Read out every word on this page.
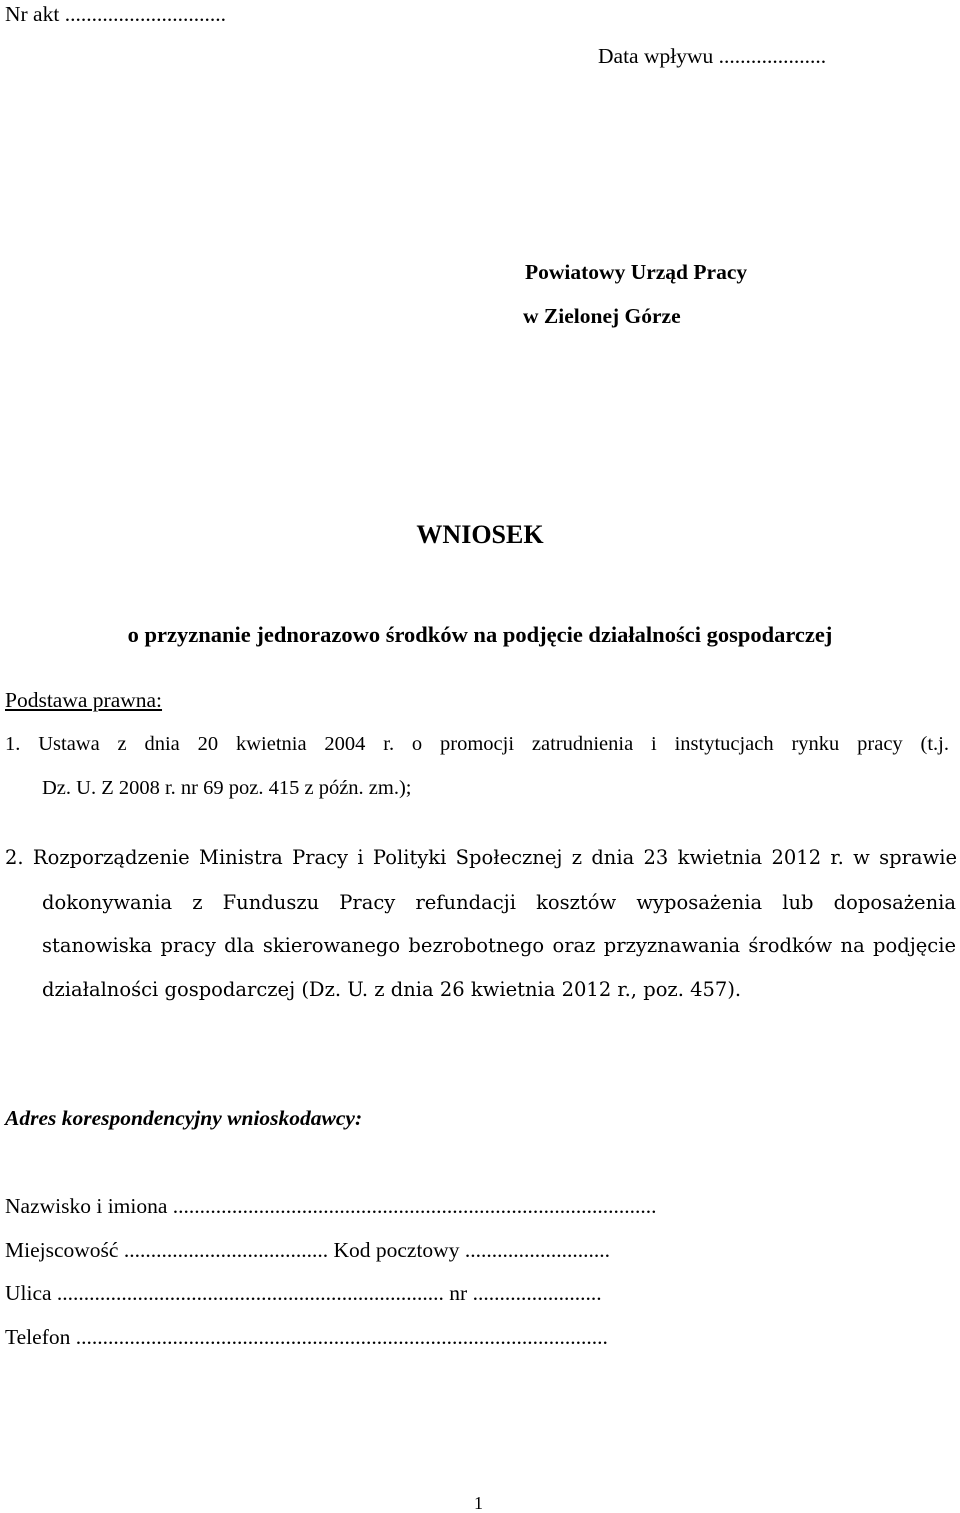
Nr akt ..............................
Data wpływu ....................
Powiatowy Urząd Pracy
w Zielonej Górze
WNIOSEK
o przyznanie jednorazowo środków na podjęcie działalności gospodarczej
Podstawa prawna:
1. Ustawa z dnia 20 kwietnia 2004 r. o promocji zatrudnienia i instytucjach rynku pracy (t.j.
Dz. U. Z 2008 r. nr 69 poz. 415 z późn. zm.);
2. Rozporządzenie Ministra Pracy i Polityki Społecznej z dnia 23 kwietnia 2012 r. w sprawie
dokonywania z Funduszu Pracy refundacji kosztów wyposażenia lub doposażenia
stanowiska pracy dla skierowanego bezrobotnego oraz przyznawania środków na podjęcie
działalności gospodarczej (Dz. U. z dnia 26 kwietnia 2012 r., poz. 457).
Adres korespondencyjny wnioskodawcy:
Nazwisko i imiona ..........................................................................................
Miejscowość ...................................... Kod pocztowy ...........................
Ulica ........................................................................ nr ........................
Telefon ...................................................................................................
1
